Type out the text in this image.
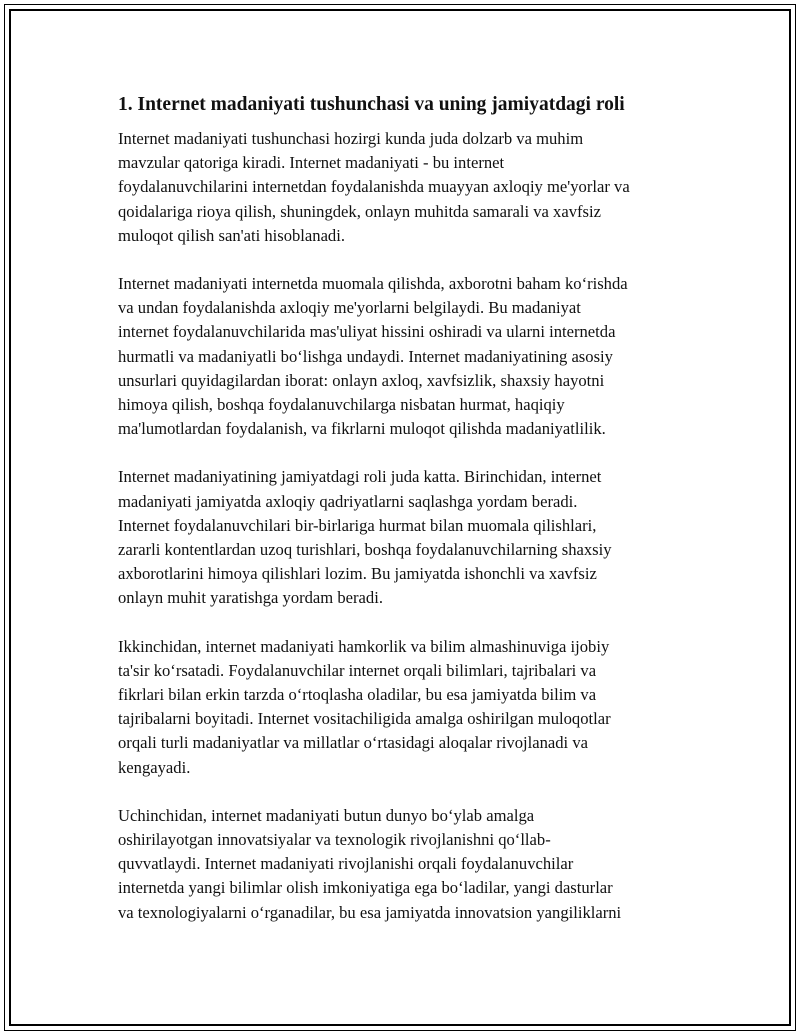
1. Internet madaniyati tushunchasi va uning jamiyatdagi roli

Internet madaniyati tushunchasi hozirgi kunda juda dolzarb va muhim
mavzular qatoriga kiradi. Internet madaniyati - bu internet
foydalanuvchilarini internetdan foydalanishda muayyan axloqiy me'yorlar va
qoidalariga rioya qilish, shuningdek, onlayn muhitda samarali va xavfsiz
muloqot qilish san'ati hisoblanadi.

Internet madaniyati internetda muomala qilishda, axborotni baham ko‘rishda
va undan foydalanishda axloqiy me'yorlarni belgilaydi. Bu madaniyat
internet foydalanuvchilarida mas'uliyat hissini oshiradi va ularni internetda
hurmatli va madaniyatli bo‘lishga undaydi. Internet madaniyatining asosiy
unsurlari quyidagilardan iborat: onlayn axloq, xavfsizlik, shaxsiy hayotni
himoya qilish, boshqa foydalanuvchilarga nisbatan hurmat, haqiqiy
ma'lumotlardan foydalanish, va fikrlarni muloqot qilishda madaniyatlilik.

Internet madaniyatining jamiyatdagi roli juda katta. Birinchidan, internet
madaniyati jamiyatda axloqiy qadriyatlarni saqlashga yordam beradi.
Internet foydalanuvchilari bir-birlariga hurmat bilan muomala qilishlari,
zararli kontentlardan uzoq turishlari, boshqa foydalanuvchilarning shaxsiy
axborotlarini himoya qilishlari lozim. Bu jamiyatda ishonchli va xavfsiz
onlayn muhit yaratishga yordam beradi.

Ikkinchidan, internet madaniyati hamkorlik va bilim almashinuviga ijobiy
ta'sir ko‘rsatadi. Foydalanuvchilar internet orqali bilimlari, tajribalari va
fikrlari bilan erkin tarzda o‘rtoqlasha oladilar, bu esa jamiyatda bilim va
tajribalarni boyitadi. Internet vositachiligida amalga oshirilgan muloqotlar
orqali turli madaniyatlar va millatlar o‘rtasidagi aloqalar rivojlanadi va
kengayadi.

Uchinchidan, internet madaniyati butun dunyo bo‘ylab amalga
oshirilayotgan innovatsiyalar va texnologik rivojlanishni qo‘llab-
quvvatlaydi. Internet madaniyati rivojlanishi orqali foydalanuvchilar
internetda yangi bilimlar olish imkoniyatiga ega bo‘ladilar, yangi dasturlar
va texnologiyalarni o‘rganadilar, bu esa jamiyatda innovatsion yangiliklarni
